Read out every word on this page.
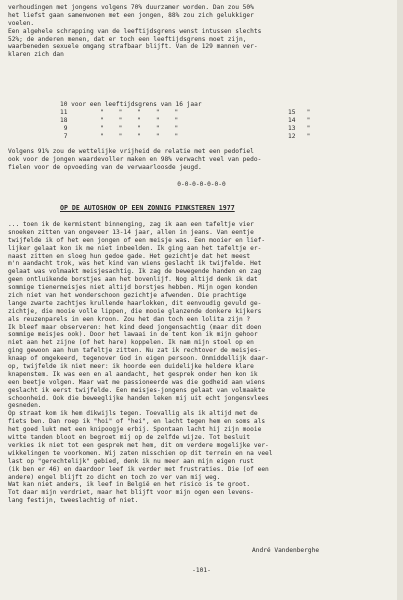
verhoudingen met jongens volgens 70% duurzamer worden. Dan zou 50%
het liefst gaan samenwonen met een jongen, 88% zou zich gelukkiger
voelen.
Een algehele schrapping van de leeftijdsgrens wenst intussen slechts
52%; de anderen menen, dat er toch een leeftijdsgrens moet zijn,
waarbeneden sexuele omgang strafbaar blijft. Van de 129 mannen ver-
klaren zich dan
10 voor een leeftijdsgrens van 16 jaar
11	"    "    "    "    "	15 "
18	"    "    "    "    "	14 "
9	"    "    "    "    "	13 "
7	"    "    "    "    "	12 "
Volgens 91% zou de wettelijke vrijheid de relatie met een pedofiel
ook voor de jongen waardevoller maken en 98% verwacht veel van pedo-
fielen voor de opvoeding van de verwaarloosde jeugd.
0-0-0-0-0-0-0
OP DE AUTOSHOW OP EEN ZONNIG PINKSTEREN 1977
... toen ik de kermistent binnenging, zag ik aan een tafeltje vier
snoeken zitten van ongeveer 13-14 jaar, allen in jeans. Van eentje
twijfelde ik of het een jongen of een meisje was. Een mooier en lief-
lijker gelaat kon ik me niet inbeelden. Ik ging aan het tafeltje er-
naast zitten en sloeg hun gedoe gade. Het gezichtje dat het meest
m'n aandacht trok, was het kind van wiens geslacht ik twijfelde. Het
gelaat was volmaakt meisjesachtig. Ik zag de bewegende handen en zag
geen ontluikende borstjes aan het bovenlijf. Nog altijd denk ik dat
sommige tienermeisjes niet altijd borstjes hebben. Mijn ogen konden
zich niet van het wonderschoon gezichtje afwenden. Die prachtige
lange zwarte zachtjes krullende haarlokken, dit eenvoudig gevuld ge-
zichtje, die mooie volle lippen, die mooie glanzende donkere kijkers
als reuzenparels in een kroon. Zou het dan toch een lolita zijn ?
Ik bleef maar observeren: het kind deed jongensachtig (maar dit doen
sommige meisjes ook). Door het lawaai in de tent kon ik mijn gehoor
niet aan het zijne (of het hare) koppelen. Ik nam mijn stoel op en
ging gewoon aan hun tafeltje zitten. Nu zat ik rechtover de meisjes-
knaap of omgekeerd, tegenover God in eigen persoon. Onmiddellijk daar-
op, twijfelde ik niet meer: ik hoorde een duidelijke heldere klare
knapenstem. Ik was een en al aandacht, het gesprek onder hen kon ik
een beetje volgen. Maar wat me passioneerde was die godheid aan wiens
geslacht ik eerst twijfelde. Een meisjes-jongens gelaat van volmaakte
schoonheid. Ook die beweeglijke handen leken mij uit echt jongensvlees
gesneden.
Op straat kom ik hem dikwijls tegen. Toevallig als ik altijd met de
fiets ben. Dan roep ik "hoi" of "hei", en lacht tegen hem en soms als
het goed lukt met een knipoogje erbij. Spontaan lacht hij zijn mooie
witte tanden bloot en begroet mij op de zelfde wijze. Tot besluit
verkies ik niet tot een gesprek met hem, dit om verdere mogelijke ver-
wikkelingen te voorkomen. Wij zaten misschien op dit terrein en na veel
last op "gerechtelijk" gebied, denk ik nu meer aan mijn eigen rust
(ik ben er 46) en daardoor leef ik verder met frustraties. Die (of een
andere) engel blijft zo dicht en toch zo ver van mij weg.
Wat kan niet anders, ik leef in België en het risico is te groot.
Tot daar mijn verdriet, maar het blijft voor mijn ogen een levens-
lang festijn, tweeslachtig of niet.
André Vandenberghe
-101-
